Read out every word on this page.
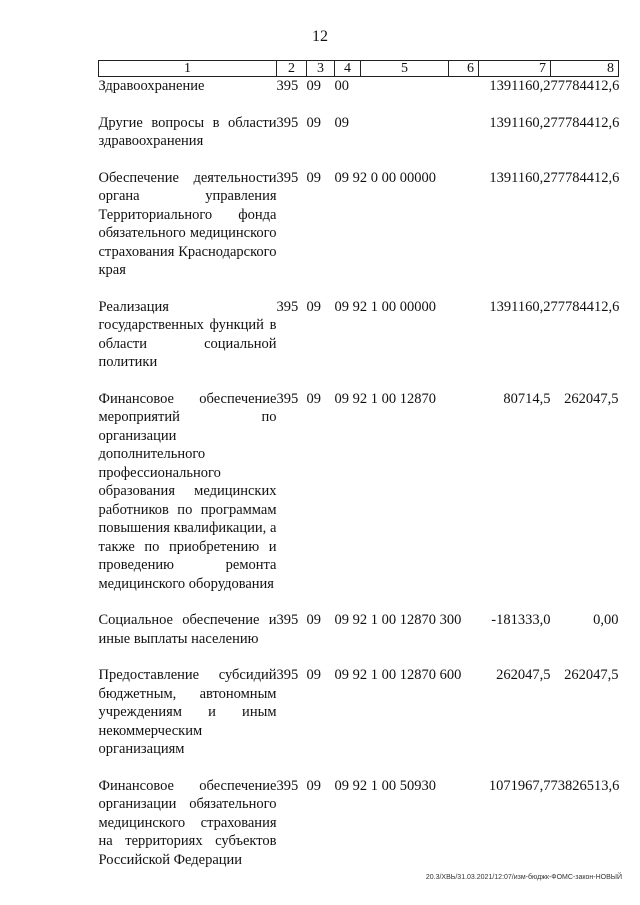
12
1	2	3	4	5	6	7	8
Здравоохранение	395	09	00			1391160,2	77784412,6

Другие вопросы в области здравоохранения	395	09	09			1391160,2	77784412,6

Обеспечение деятельности органа управления Территориального фонда обязательного медицинского страхования Краснодарского края	395	09	09 92 0 00 00000			1391160,2	77784412,6

Реализация государственных функций в области социальной политики	395	09	09 92 1 00 00000			1391160,2	77784412,6

Финансовое обеспечение мероприятий по организации дополнительного профессионального образования медицинских работников по программам повышения квалификации, а также по приобретению и проведению ремонта медицинского оборудования	395	09	09 92 1 00 12870			80714,5	262047,5

Социальное обеспечение и иные выплаты населению	395	09	09 92 1 00 12870 300			-181333,0	0,00

Предоставление субсидий бюджетным, автономным учреждениям и иным некоммерческим организациям	395	09	09 92 1 00 12870 600			262047,5	262047,5

Финансовое обеспечение организации обязательного медицинского страхования на территориях субъектов Российской Федерации	395	09	09 92 1 00 50930			1071967,7	73826513,6
20.3/ХВЬ/31.03.2021/12:07/изм-бюджк-ФОМС-закон-НОВЫЙ
